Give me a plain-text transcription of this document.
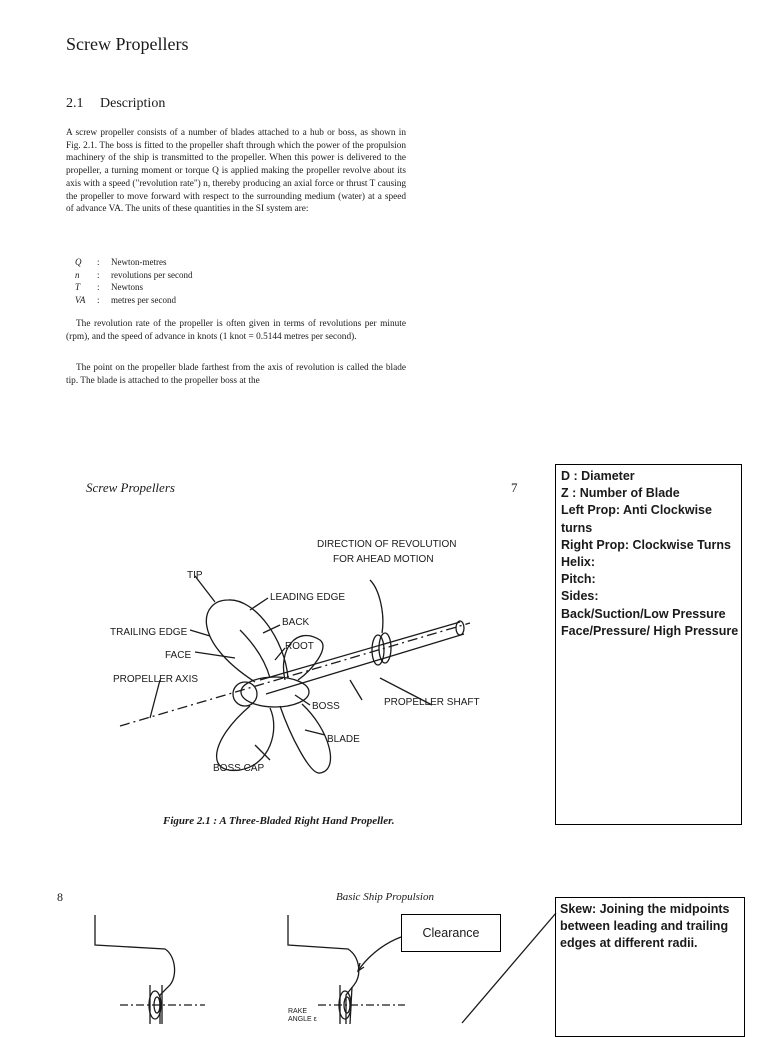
Screw Propellers
2.1 Description
A screw propeller consists of a number of blades attached to a hub or boss, as shown in Fig. 2.1. The boss is fitted to the propeller shaft through which the power of the propulsion machinery of the ship is transmitted to the propeller. When this power is delivered to the propeller, a turning moment or torque Q is applied making the propeller revolve about its axis with a speed ("revolution rate") n, thereby producing an axial force or thrust T causing the propeller to move forward with respect to the surrounding medium (water) at a speed of advance VA. The units of these quantities in the SI system are:
Q : Newton-metres
n : revolutions per second
T : Newtons
VA : metres per second
The revolution rate of the propeller is often given in terms of revolutions per minute (rpm), and the speed of advance in knots (1 knot = 0.5144 metres per second).
The point on the propeller blade farthest from the axis of revolution is called the blade tip. The blade is attached to the propeller boss at the
Screw Propellers	7
DIRECTION OF REVOLUTION
FOR AHEAD MOTION
TIP
LEADING EDGE
BACK
TRAILING EDGE
ROOT
FACE
PROPELLER AXIS
BOSS	PROPELLER SHAFT
BLADE
BOSS CAP
Figure 2.1 : A Three-Bladed Right Hand Propeller.
D : Diameter
Z : Number of Blade
Left Prop: Anti Clockwise
turns
Right Prop: Clockwise Turns
Helix:
Pitch:
Sides:
Back/Suction/Low Pressure
Face/Pressure/ High Pressure
8	Basic Ship Propulsion
RAKE
ANGLE ε
Clearance
Skew: Joining the midpoints
between leading and trailing
edges at different radii.
